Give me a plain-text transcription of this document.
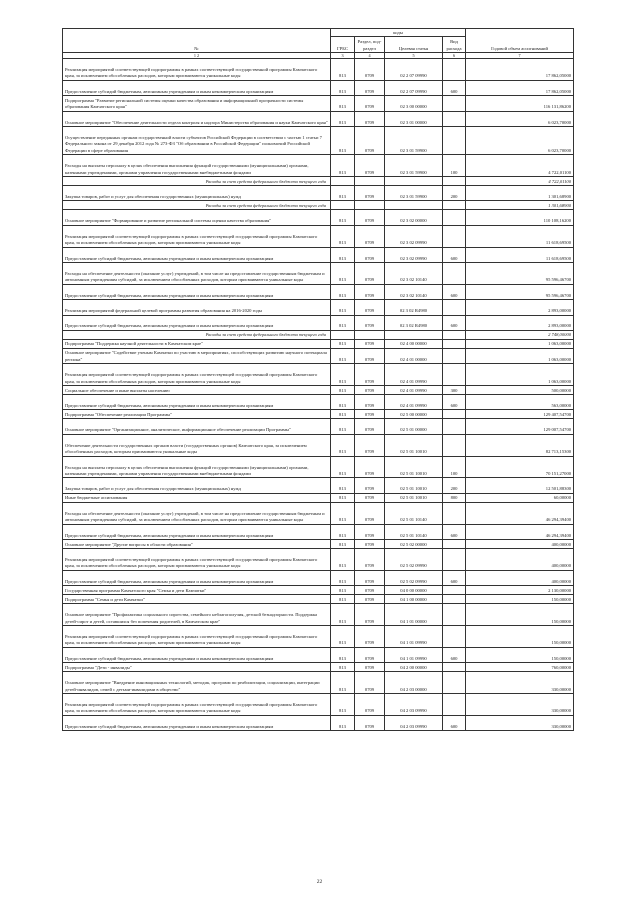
№	коды				Годовой объем ассигнований
	ГРБС	Раздел, под- раздел	Целевая статья	Вид расхода	
1 2	3	4	5	6	7
Реализация мероприятий соответствующей подпрограммы в рамках соответствующей государственной программы Камчатского края, за исключением обособленных расходов, которым присваиваются уникальные коды	813	0709	02 2 07 09990		17 862,05000
Предоставление субсидий бюджетным, автономным учреждениям и иным некоммерческим организациям	813	0709	02 2 07 09990	600	17 862,05000
Подпрограмма "Развитие региональной системы оценки качества образования и информационной прозрачности системы образования Камчатского края"	813	0709	02 3 00 00000		116 131,86200
Основное мероприятие "Обеспечение деятельности отдела контроля и надзора Министерства образования и науки Камчатского края"	813	0709	02 3 01 00000		6 023,70000
Осуществление переданных органам государственной власти субъектов Российской Федерации в соответствии с частью 1 статьи 7 Федерального закона от 29 декабря 2012 года № 273-ФЗ "Об образовании в Российской Федерации" полномочий Российской Федерации в сфере образования	813	0709	02 3 01 59900		6 023,70000
Расходы на выплаты персоналу в целях обеспечения выполнения функций государственными (муниципальными) органами, казенными учреждениями, органами управления государственными внебюджетными фондами	813	0709	02 3 01 59900	100	4 722,01100
Расходы за счет средств федерального бюджета текущего года					4 722,01100
Закупка товаров, работ и услуг для обеспечения государственных (муниципальных) нужд	813	0709	02 3 01 59900	200	1 301,68900
Расходы за счет средств федерального бюджета текущего года					1 301,68900
Основное мероприятие "Формирование и развитие региональной системы оценки качества образования"	813	0709	02 3 02 00000		110 108,16200
Реализация мероприятий соответствующей подпрограммы в рамках соответствующей государственной программы Камчатского края, за исключением обособленных расходов, которым присваиваются уникальные коды	813	0709	02 3 02 09990		11 618,69500
Предоставление субсидий бюджетным, автономным учреждениям и иным некоммерческим организациям	813	0709	02 3 02 09990	600	11 618,69500
Расходы на обеспечение деятельности (оказание услуг) учреждений, в том числе на предоставление государственным бюджетным и автономным учреждениям субсидий, за исключением обособленных расходов, которым присваиваются уникальные коды	813	0709	02 3 02 10140		95 596,46700
Предоставление субсидий бюджетным, автономным учреждениям и иным некоммерческим организациям	813	0709	02 3 02 10140	600	95 596,46700
Реализация мероприятий федеральной целевой программы развития образования на 2016-2020 годы	813	0709	02 3 02 R4980		2 893,00000
Предоставление субсидий бюджетным, автономным учреждениям и иным некоммерческим организациям	813	0709	02 3 02 R4980	600	2 893,00000
Расходы за счет средств федерального бюджета текущего года					2 748,00000
Подпрограмма "Поддержка научной деятельности в Камчатском крае"	813	0709	02 4 00 00000		1 063,00000
Основное мероприятие "Содействие ученым Камчатки по участию в мероприятиях, способствующих развитию научного потенциала региона"	813	0709	02 4 01 00000		1 063,00000
Реализация мероприятий соответствующей подпрограммы в рамках соответствующей государственной программы Камчатского края, за исключением обособленных расходов, которым присваиваются уникальные коды	813	0709	02 4 01 09990		1 063,00000
Социальное обеспечение и иные выплаты населению	813	0709	02 4 01 09990	300	500,00000
Предоставление субсидий бюджетным, автономным учреждениям и иным некоммерческим организациям	813	0709	02 4 01 09990	600	563,00000
Подпрограмма "Обеспечение реализации Программы"	813	0709	02 5 00 00000		129 407,54700
Основное мероприятие "Организационное, аналитическое, информационное обеспечение реализации Программы"	813	0709	02 5 01 00000		129 007,54700
Обеспечение деятельности государственных органов власти (государственных органов) Камчатского края, за исключением обособленных расходов, которым присваиваются уникальные коды	813	0709	02 5 01 10010		82 713,15300
Расходы на выплаты персоналу в целях обеспечения выполнения функций государственными (муниципальными) органами, казенными учреждениями, органами управления государственными внебюджетными фондами	813	0709	02 5 01 10010	100	70 151,27000
Закупка товаров, работ и услуг для обеспечения государственных (муниципальных) нужд	813	0709	02 5 01 10010	200	12 501,88300
Иные бюджетные ассигнования	813	0709	02 5 01 10010	800	60,00000
Расходы на обеспечение деятельности (оказание услуг) учреждений, в том числе на предоставление государственным бюджетным и автономным учреждениям субсидий, за исключением обособленных расходов, которым присваиваются уникальные коды	813	0709	02 5 01 10140		46 294,39400
Предоставление субсидий бюджетным, автономным учреждениям и иным некоммерческим организациям	813	0709	02 5 01 10140	600	46 294,39400
Основное мероприятие "Другие вопросы в области образования"	813	0709	02 5 02 00000		400,00000
Реализация мероприятий соответствующей подпрограммы в рамках соответствующей государственной программы Камчатского края, за исключением обособленных расходов, которым присваиваются уникальные коды	813	0709	02 5 02 09990		400,00000
Предоставление субсидий бюджетным, автономным учреждениям и иным некоммерческим организациям	813	0709	02 5 02 09990	600	400,00000
Государственная программа Камчатского края "Семья и дети Камчатки"	813	0709	04 0 00 00000		2 130,00000
Подпрограмма "Семья и дети Камчатки"	813	0709	04 1 00 00000		150,00000
Основное мероприятие "Профилактика социального сиротства, семейного неблагополучия, детской безнадзорности. Поддержка детей-сирот и детей, оставшихся без попечения родителей, в Камчатском крае"	813	0709	04 1 01 00000		150,00000
Реализация мероприятий соответствующей подпрограммы в рамках соответствующей государственной программы Камчатского края, за исключением обособленных расходов, которым присваиваются уникальные коды	813	0709	04 1 01 09990		150,00000
Предоставление субсидий бюджетным, автономным учреждениям и иным некоммерческим организациям	813	0709	04 1 01 09990	600	150,00000
Подпрограмма "Дети - инвалиды"	813	0709	04 2 00 00000		760,00000
Основное мероприятие "Внедрение инновационных технологий, методик, программ по реабилитации, социализации, интеграции детей-инвалидов, семей с детьми-инвалидами в общество"	813	0709	04 2 03 00000		330,00000
Реализация мероприятий соответствующей подпрограммы в рамках соответствующей государственной программы Камчатского края, за исключением обособленных расходов, которым присваиваются уникальные коды	813	0709	04 2 03 09990		330,00000
Предоставление субсидий бюджетным, автономным учреждениям и иным некоммерческим организациям	813	0709	04 2 03 09990	600	330,00000
22
